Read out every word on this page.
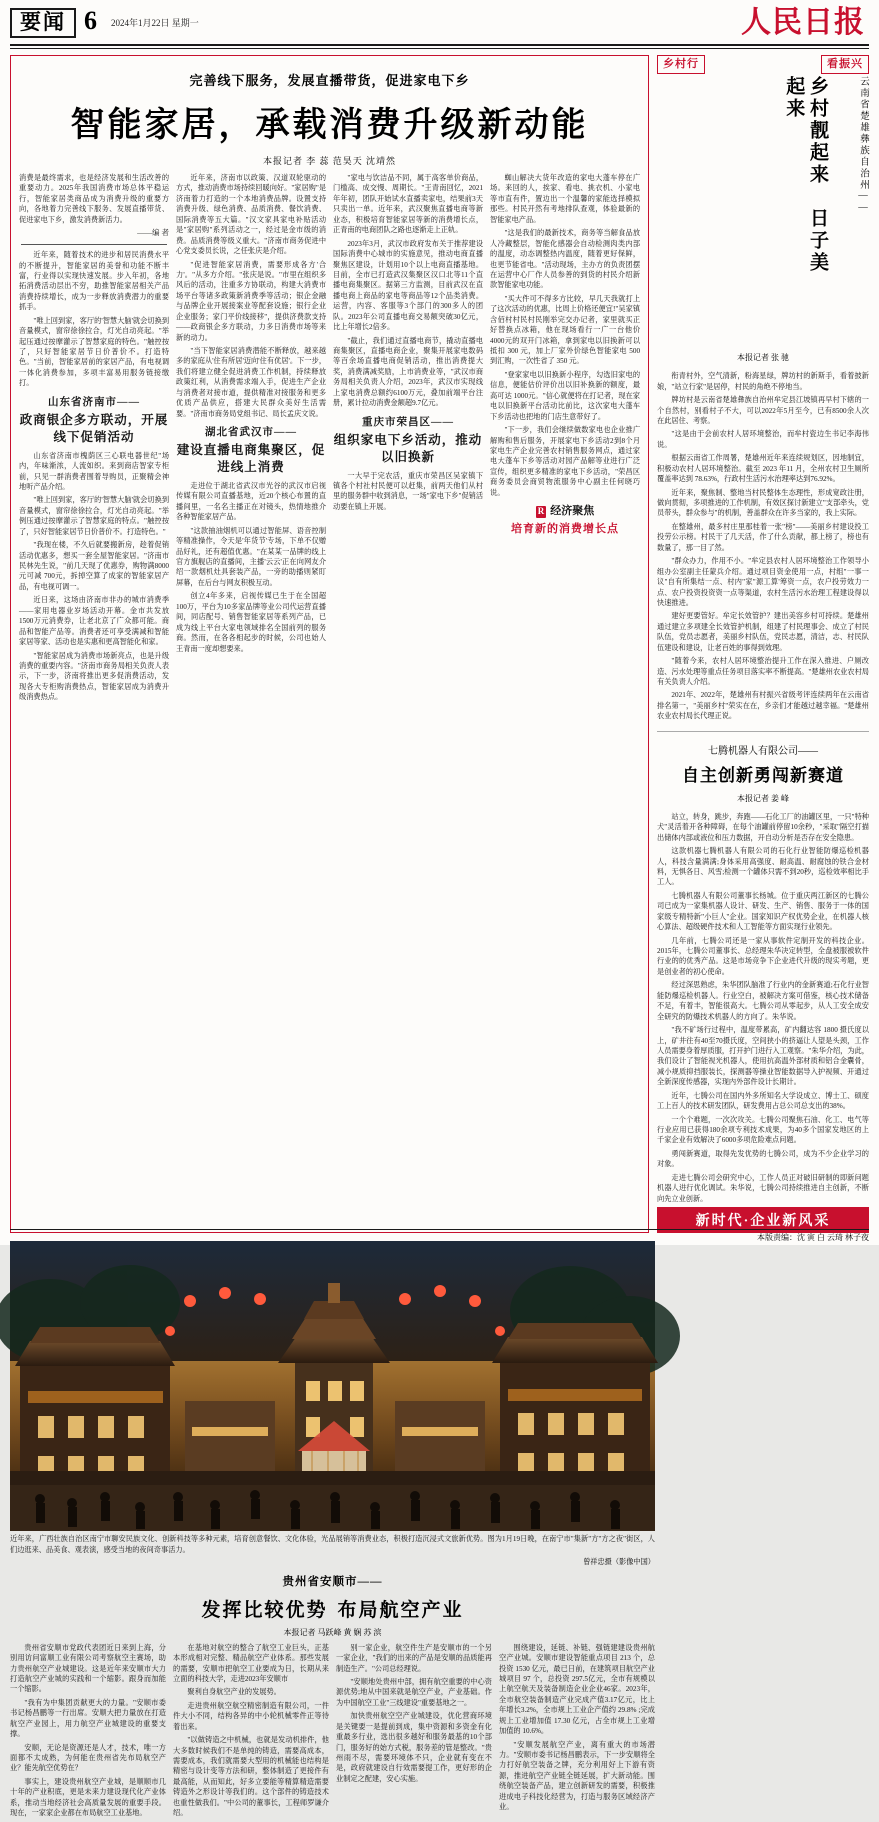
要闻 6 2024年1月22日 星期一	人民日报
完善线下服务，发展直播带货，促进家电下乡
智能家居，承载消费升级新动能
本报记者 李 蕊 范昊天 沈靖然

消费是最终需求，也是经济发展和生活改善的重要动力。2025年我国消费市场总体平稳运行，智能家居类商品成为消费升级的重要方向，各地着力完善线下服务、发展直播带货、促进家电下乡，激发消费新活力。

——编 者

近年来，随着技术的进步和居民消费水平的不断提升，智能家居的美誉和功能不断丰富，行业得以实现快速发展。步入年初，各地拓消费活动层出不穷，助推智能家居相关产品消费持续增长，成为一步释放消费潜力的重要抓手。

"唯上回到家，客厅的'智慧大脑'就会切换到音量模式，窗帘徐徐拉合，灯光自动亮起。"举起压通过按摩灌示了智慧家庭的特色。"触控按了，只好智能家居节日价普价不。打造特色。"当前，智能家居前的家居产品，有电视调一体化消费参加，多项丰富易用服务链接缴打。

山东省济南市——
政商银企多方联动，开展线下促销活动

山东省济南市槐荫区三心联电器世纪"场内，年味渐浓，人流如织。来到商店智家专柜前，只见一群消费者围着导购员，正聚精会神地听产品介绍。

"唯上回到家，客厅的'智慧大脑'就会切换到音量模式，窗帘徐徐拉合，灯光自动亮起。"举例压通过按摩灌示了智慧家庭的特点。"触控按了，只好智能家居节日价普价不。打造特色。"

"我现在楼，不久后就要搬新房，趁着促销活动优惠多，想买一套全屋智能家居。"济南市民林先生说，"前几天现了优惠券，购物满8000元可减 700元，拆掉空算了成家的智能家居产品，有电视可调一。

近日来，这场由济南市非办的城市消费季——家用电器业岁场活动开幕。金市共发放1500万元消费券，让老北京了广众都可能。商品和智能产品等。消费者还可享受满减和智能家居等家、活动也是实惠和更高智能化和家。

"智能家居成为消费市场新亮点，也是升级消费的重要内容。"济南市商务局相关负责人表示，下一步，济南将推出更多促消费活动，发现各大专柜购消费热点，智能家居成为消费升级消费热点。

近年来，济南市以政策、汉道双轮驱动的方式，推动消费市场持续回暖向好。"家居购"是济南着力打造的一个本地消费品牌。设置支持消费升级、绿色消费、品质消费、餐饮消费、国际消费等五大篇。"汉文家具家电补贴活动是"家居购"系列活动之一，经过是金市级的消费。品质消费等级义重大。"济南市商务促进中心党支委员长说，之任张庆是介绍。

"促进智能家居消费，需要形成各方'合力'。"从多方介绍。"张庆是说。"市里在组织多风后的活动，注重多方协联动，构建大消费市场平台等诸多政策新消费季等活动；银企金融与品牌企业开展接案业等配套设施；银行企业企业服务；家门平价线接移"，提供济费款支持——政商银企多方联动，力多日消费市场等来新的动力。

"当下智能家居消费潜能不断释放，越来越多的家庭从'住有所居'迈向'住有优居'。下一步，我们将建立健全促进消费工作机制，持续释放政策红利，从消费需求端入手，促进生产企业与消费者对接市道，提供精准对接服务和更多优质产品供应，搭建大民群众美好生活需要。"济南市商务局党组书记、局长孟庆文说。

湖北省武汉市——
建设直播电商集聚区，促进线上消费

走进位于湖北省武汉市光谷的武汉市启视传媒有限公司直播基地，近20个核心布置的直播间里，一名名主播正在对镜头，热情地推介各种智能家居产品。

"这款抽油烟机可以通过智能屏、语音控制等精准操作，令天是'年货节'专场，下单不仅赠品好礼，还有超值优惠。"在某某一品牌的线上官方旗舰店的直播间，主播'云云'正在向网友介绍一款烟机灶具套装产品，一旁的助播则紧盯屏幕，在后台与网友积极互动。

创立4年多来，启视传媒已生于在全国超100万，平台为10多家品牌等业公司代运营直播间，同店配号、销售智能家居等系列产品，已成为线上平台大家电领域排名全国前列的服务商。然而，在各各相起步的时候，公司也始人王青南一度却想要来。

"家电与饮洁品不同，属于高客单价商品，门槛高、成交慢、周期长。"王青南回忆，2021年年初，团队开始试水直播卖家电，结果前3天只卖出一单。近年来，武汉聚焦直播电商等新业态，积极培育智能家居等新的消费增长点，正青南的电商团队之路也逐渐走上正轨。

2023年3月，武汉市政府发布关于推荐建设国际消费中心城市的实施意见，推动电商直播聚焦区建设，计划用10个以上电商直播基地。目前，全市已打造武汉集聚区汉口北等11个直播电商集聚区。据第三方监测，目前武汉在直播电商上商品的家电等商品等12个品类消费。运营，内容、客服等3个部门的300多人的团队。2023年公司直播电商交易额突破30亿元，比上年增长2倍多。

"截止，我们通过直播电商节，撬动直播电商集聚区，直播电商企业，聚集开展家电数码等百余场直播电商促销活动，推出消费提大奖，消费满减奖励，上市消费业等，"武汉市商务局相关负责人介绍，2023年，武汉市实现线上家电消费总额约6100万元，叠加前端平台注册，累计拉动消费金额超9.7亿元。

重庆市荣昌区——
组织家电下乡活动，推动以旧换新

一大早于完农活，重庆市荣昌区吴家镇下镇各个村社村民便可以赶集，前两天他们从村里的服务群中收到消息，一场"家电下乡"促销活动要在镇上开展。

蜘山解决大货年改造的家电大蓬车停在广场。来回的人，挨家、看电、挑衣机、小家电等市直有件，置边出一个温馨的家能选择模拟那些。村民开然有考地排队查观，体验最新的智能家电产品。

"这是我们的最新技术，商务等当解食品放人冷藏整层，智能化感器会自动检测肉类内部的温度，动态调整热内温度，随着更好保鲜，也更节能省电。"活动现场，主办方的负责团摆在运营中心厂作人员参善的到货的村民介绍新款智能家电功能。

"买大件可不得多方比较，早几天我就打上了这次活动的优惠，比周上价格还便宜!"吴家镇含佰村村民村民刚举完交办记者，家里就买正好替换点冰箱，他在现场看行一广一台他价4000元的双开门冰箱，拿到家电以旧换新可以抵扣 300 元，加上厂家外价绿色智能家电 500 到汇购，一次性省了 350 元。

"登家家电以旧换新小程序，勾选旧家电的信息，便能估价评价出以旧补换新的额度，最高可达 1000元。"信心就便将在打记者，现在家电以旧换新平台活动比前比，这次家电大蓬车下乡活动也把地的门店生意带好了。

"下一步，我们会继续做数家电也企业推广解购和售后服务，开展家电下乡活动2到8个月家电生产企业完善农村销售服务网点，通过家电大蓬车下乡等活动对园产品解等业进行广泛宣传，组织更多精准的家电下乡活动，"荣昌区商务委员会商贸物流服务中心副主任何晓巧说。

R 经济聚焦
培育新的消费增长点
乡村行	看振兴
云南省楚雄彝族自治州——
乡村靓起来　日子美起来
本报记者 张 驰

衔青村外，空气清新，粉海星绿，牌坊村的新斯手，看着披新娘，"站立行家"是居停，村民的角绝不停地当。

牌坊村是云南省楚雄彝族自治州牟定县江坡镇再早村下辖的一个自然村，别看村子不大，可以2022年5月至今，已有8500余人次在此居住、考察。

"这是由于会前农村人居环境整治，而牟村瓷边生书记李海伟说。

根据云南省工作周署，楚雄州近年来连续规划区，因地制宜，积极动农村人居环境整治。截至 2023 年11 月，全州农村卫生厕所覆盖率达到 78.63%，行政村生活污水治理率达到76.92%。

近年来，聚焦制、整地当村民整体生态理性，形成宽政注册，做向贯彻，多项推进的工作机制，有效区探讨新建立"支部牵头，党员带头，群众参与"的机制，善盖群众在许多当家的，我上实际。

在整雄州，最多村庄里那桂着一张"榜"——美丽乡村建设投工投劳公示榜。村民干了几天活，作了什么贡献，都上榜了，榜也有数量了，那一目了然。

"群众办力，作用不小。"牟定县农村人居环境整治工作领导小组办公室副主任蒙兵介绍。通过项目资金使用一点，村组"一事一议"自有所集结一点、村内"家"源工算'筹资一点，农户投劳效力一点、农户投资投资资一点等渠道，农村生活污水治理工程建设得以快速推进。

建好更要管好。牟定长效管护？建出美容乡村可持续。楚雄州通过建立多项建全长效管护机制，组建了村民理事会、成立了村民队伍，党员志愿者，美丽乡村队伍，党民志愿，清洁，志、村民队伍建设和建设，让老百姓的事得到效理。

"随着今来，农村人居环境整治提升工作在深入推进、户厕改造、污水处理等重点任务项目落实率不断提高。"楚雄州农业农村局有关负责人介绍。

2021年、2022年，楚雄州有村振兴省级考评连续两年在云南省排名第一，"美丽乡村"荣实在在，乡亲们才能越过越幸福。"楚雄州农业农村局长代理正说。

七腾机器人有限公司——
自主创新勇闯新赛道
本报记者 姜 峰

站立，转身，跳步，奔跑——石化工厂的油罐区里，一只"特种犬"灵活着开各种障碍，在每个油罐前停留10余秒，"采取"隔空打描出储体内部或液位和压力数据，开自动分析是否存在安全隐患。

这款机器七腾机器人有限公司的石化行业智能防爆巡检机器人，科技含量满满;身体采用高强度、耐高温、耐腐蚀的铁合金材料，无惧各日、风雪;检测一个罐体只需不到20秒，巡检效率相比手工人。

七腾机器人有限公司董事长杨城。位于重庆两江新区的七腾公司已成为一家集机器人设计、研发、生产、销售、服务于一体的国家级专精特新"小巨人"企业。国家知识产权优势企业，在机器人核心算法、超级硬件技术和人工智能等方面实现行业领先。

几年前，七腾公司还是一家从事软件定制开发的科技企业。2015年，七腾公司董事长、总经理朱华决定转型，全盘被服被软件行业的的优秀产品。这是市场竞争下企业进代升级的现实考题，更是创业者的初心使命。

经过深思熟虑，朱华团队脑准了行业内的金新赛道;石化行业智能防爆巡检机器人。行业空白，被解决方案可借鉴，核心技术储备不足，有着丰，智能很高大。七腾公司从零起步，从人工安全成安全研究的防爆技术机器人的方向了。朱华说。

"我不矿场行过程中，温度带累高，矿内翻达容 1800 摄氏度以上，矿井往有40至70摄氏度，空间狭小的挤逼让人望是头颈，工作人员需要身着厚质服，打开护门进行入工观察。"朱华介绍，为此，我们设计了智能视光机器人，使用抗高温外部材质和铝合金囊骨，减小规质抑挡服装长，探测器等操业智能数据导入护视频、开通过全新深度传感器，实现内外部件设计长期计。

近年，七腾公司在国内外多所知名大学设成立、博士工、硕度工上百人的技术研发团队，研发费用占总公司总支出的38%。

一个个难题，一次次攻关。七腾公司聚焦石油、化工、电气等行业应用已获得180余项专利技术成果，为40多个国家发地区的上千家企业有效解决了6000多项危险难点问题。

勇闯新赛道，取得先发优势的七腾公司，成为不少企业学习的对象。

走进七腾公司会研究中心，工作人员正对破旧研制的即新问题机器人进行优化调试。朱华说，七腾公司持续推进自主创新，不断向先立业创新。

新时代·企业新风采
近年来，广西壮族自治区南宁市聊安民族文化、创新科技等多种元素，培育创意餐饮、文化体验，光品展销等消费业态，积极打造沉浸式文旅新优势。图为1月19日晚，在南宁市"集新"方"方之夜"街区，人们边逛来、品美食、观表演，感受当地的夜间奇事活力。
曾祥忠摄（影像中国）
贵州省安顺市——
发挥比较优势 布局航空产业
本报记者 马跃峰 黄 娴 苏 滨

贵州省安顺市党政代表团近日来到上海，分别用访问富顺工业有限公司考察航空主赛场，助力贵州航空产业城建设。这是近年来安顺市大力打造航空产业城的实践和一个缩影。跟身而加能一个缩影。

"我有为中集团贡献更大的力量。"安顺市委书记杨昌鹏等一行出席。安顺大把力量放在打造航空产业园上，用力航空产业城建设的重要支撑。

安顺，无论是资源还是人才，技术，唯一方面都不太成熟，为何能在贵州省先布局航空产业？能先航空优势在？

事实上，建设贵州航空产业城，是顺顺市几十年的产业积底，更是未来力建设现代化产业体系，推动当地经济社会高质量发展的重要手段。现在，一家家企业都在布局航空工业基地。

在基地对航空的整合了航空工业巨头，正基本形成相对完整、精品航空产业体系。那些发展的需要，安顺市把航空工业要成为日，长期从来立面的科技大学，走进2023年安顺市

聚利自身航空产业的发展势。

走进贵州航空航空精密制造有限公司，一件件大小不同，结构各异的中小轮机械零件正等待着出来。

"以做铸造之中机械，也就是发动机排件，他大多数时候我们不是单纯的铸造，需要高成本，需要成本，我们就需要大型用的机械能也结构是精密与设计变等方法和研，整体制造了更接件有最高能，从而知此，好多立要能等精算精造需要铸造外之形设计等我们的。这个部件的铸造技术也重性做我们。"中公司的董事长，工程师罗谦介绍。

别一家企业，航空件生产是安顺市的一个另一家企业，"我们的出来的产品是安顺的品质能再制造生产。"公司总经理说。

"安顺地处贵州中部，拥有航空重要的中心资源优势;地从中国来就是航空产业，产业基础。作为中国航空工业"三线建设"重要基地之一。

加快贵州航空空产业城建设，优化营商环境是关键要一是提前到成，集中资源和多资金有化重最多行业，选出很多越好和服务最基的10个部门，服务好的始方式税，服务差的管是整改。"贵州雨不尽，需要环境体不只，企业就有变在不是，政府就建设自行效需要提工作，更好形的企业制定之配建，安心实施。

围绕建设，延链、补链、强链建建设贵州航空产业城。安顺市建设智能重点项目 213 个，总投资 1530 亿元，最已日前，在建筑项目航空产业城项目 97 个，总投资 297.5亿元，全市有规模以上航空航天及装备制造企业企业46家。2023年，全市航空装备制造产业完成产值3.17亿元，比上年增长3.2%，全市规上工业企产值约 29.8% ;完成规上工业增加值 17.30 亿元，占全市规上工业增加值的 10.6%。

"安顺发展航空产业，离有重大的市场潜力。"安顺市委书记杨昌鹏表示，下一步安顺将全力打好航空装备之牌，充分利用好上下游有资源，推进航空产业链全链延展，扩大新动能。围绕航空装备产品，建立创新研发的需要，积极推进成电子科技化经营为，打造与服务区域经济产业。

本版责编：沈 寅 白 云琦 林子夜
